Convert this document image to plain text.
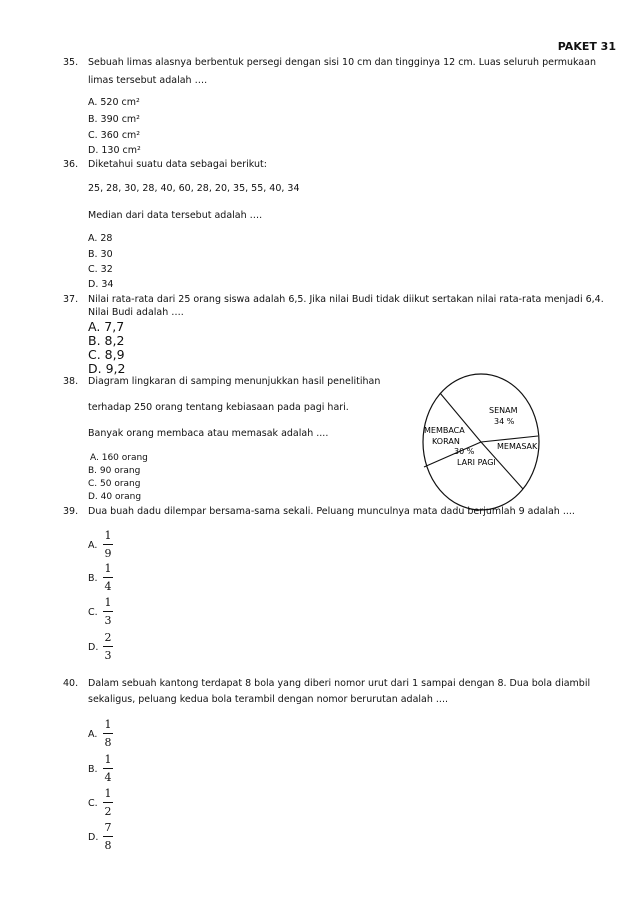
PAKET 31
35. Sebuah limas alasnya berbentuk persegi dengan sisi 10 cm dan tingginya 12 cm. Luas seluruh permukaan
limas tersebut adalah ….
A. 520 cm²
B. 390 cm²
C. 360 cm²
D. 130 cm²
36. Diketahui suatu data sebagai berikut:
25, 28, 30, 28, 40, 60, 28, 20, 35, 55, 40, 34
Median dari data tersebut adalah ….
A. 28
B. 30
C. 32
D. 34
37. Nilai rata-rata dari 25 orang siswa adalah 6,5. Jika nilai Budi tidak diikut sertakan nilai rata-rata menjadi 6,4.
Nilai Budi adalah ….
A. 7,7
B. 8,2
C. 8,9
D. 9,2
38. Diagram lingkaran di samping menunjukkan hasil penelitihan
terhadap 250 orang tentang kebiasaan pada pagi hari.
Banyak orang membaca atau memasak adalah ....
A. 160 orang
B. 90 orang
C. 50 orang
D. 40 orang
SENAM
34 %
MEMASAK
30 %
LARI PAGI
MEMBACA
KORAN
39. Dua buah dadu dilempar bersama-sama sekali. Peluang munculnya mata dadu berjumlah 9 adalah ....
A.
1
9
B.
1
4
C.
1
3
D.
2
3
40. Dalam sebuah kantong terdapat 8 bola yang diberi nomor urut dari 1 sampai dengan 8. Dua bola diambil
sekaligus, peluang kedua bola terambil dengan nomor berurutan adalah ....
A.
1
8
B.
1
4
C.
1
2
D.
7
8
